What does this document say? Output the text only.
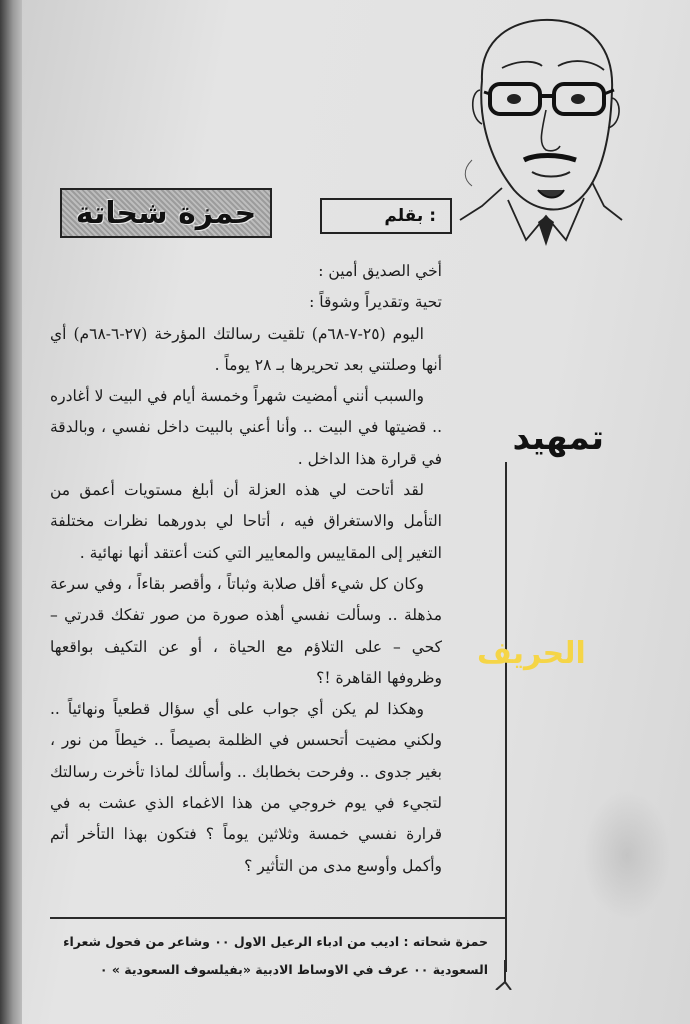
بقلم :
حمزة شحاتة
تمهيد

أخي الصديق أمين :

تحية وتقديراً وشوقاً :

اليوم (٢٥-٧-٦٨م) تلقيت رسالتك المؤرخة (٢٧-٦-٦٨م) أي أنها وصلتني بعد تحريرها بـ ٢٨ يوماً .

والسبب أنني أمضيت شهراً وخمسة أيام في البيت لا أغادره .. قضيتها في البيت .. وأنا أعني بالبيت داخل نفسي ، وبالدقة في قرارة هذا الداخل .

لقد أتاحت لي هذه العزلة أن أبلغ مستويات أعمق من التأمل والاستغراق فيه ، أتاحا لي بدورهما نظرات مختلفة التغير إلى المقاييس والمعايير التي كنت أعتقد أنها نهائية .

وكان كل شيء أقل صلابة وثباتاً ، وأقصر بقاءاً ، وفي سرعة مذهلة .. وسألت نفسي أهذه صورة من صور تفكك قدرتي – كحي – على التلاؤم مع الحياة ، أو عن التكيف بواقعها وظروفها القاهرة !؟

وهكذا لم يكن أي جواب على أي سؤال قطعياً ونهائياً .. ولكني مضيت أتحسس في الظلمة بصيصاً .. خيطاً من نور ، بغير جدوى .. وفرحت بخطابك .. وأسألك لماذا تأخرت رسالتك لتجيء في يوم خروجي من هذا الاغماء الذي عشت به في قرارة نفسي خمسة وثلاثين يوماً ؟ فتكون بهذا التأخر أتم وأكمل وأوسع مدى من التأثير ؟

حمزة شحاته : اديب من ادباء الرعيل الاول ٠٠ وشاعر من فحول شعراء
السعودية ٠٠ عرف في الاوساط الادبية «بفيلسوف السعودية » ٠
الحريف
